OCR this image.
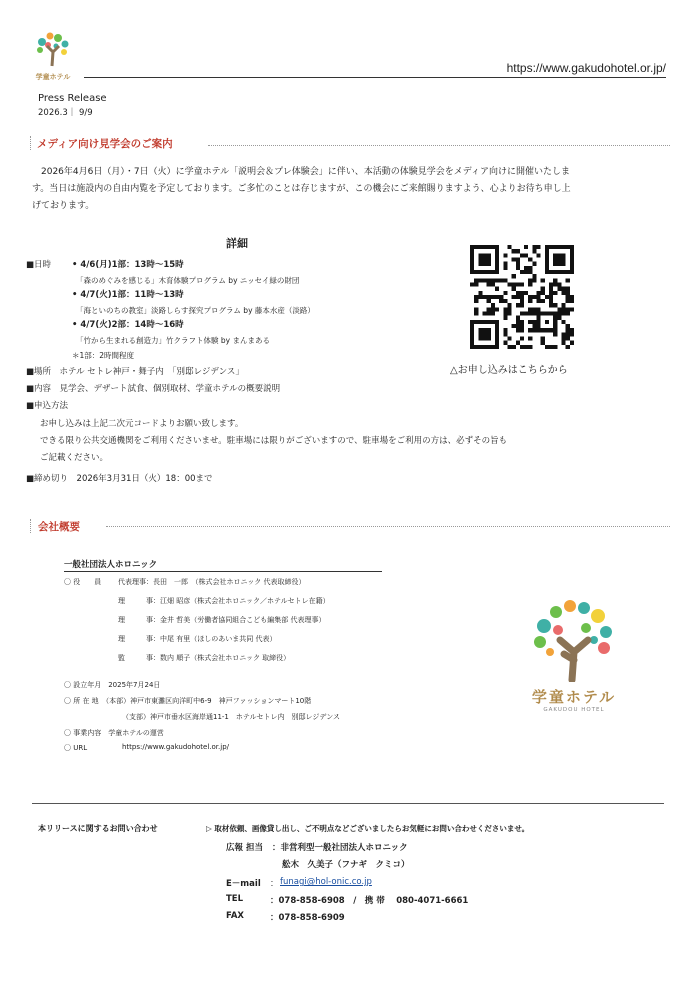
学童ホテル
https://www.gakudohotel.or.jp/
Press Release
2026.3｜ 9/9
メディア向け見学会のご案内
2026年4月6日（月）・7日（火）に学童ホテル「説明会＆プレ体験会」に伴い、本活動の体験見学会をメディア向けに開催いたしま
す。当日は施設内の自由内覧を予定しております。ご多忙のことは存じますが、この機会にご来館賜りますよう、心よりお待ち申し上
げております。
詳細
■日時 • 4/6(月)1部：13時～15時
「森のめぐみを感じる」木育体験プログラム by ニッセイ緑の財団
• 4/7(火)1部：11時～13時
「海といのちの教室」淡路しらす探究プログラム by 藤本水産（淡路）
• 4/7(火)2部：14時～16時
「竹から生まれる創造力」竹クラフト体験 by まんまある
＊1部：2時間程度
■場所　ホテル セトレ神戸・舞子内　「別邸レジデンス」
■内容　見学会、デザート試食、個別取材、学童ホテルの概要説明
■申込方法
お申し込みは上記二次元コードよりお願い致します。
できる限り公共交通機関をご利用くださいませ。駐車場には限りがございますので、駐車場をご利用の方は、必ずその旨も
ご記載ください。
■締め切り　2026年3月31日（火）18：00まで
△お申し込みはこちらから
会社概要
一般社団法人ホロニック
〇 役　　員 代表理事：長田　一郎　（株式会社ホロニック 代表取締役）
理　　　事：江畑 昭彦（株式会社ホロニック／ホテルセトレ在籍）
理　　　事：金井 哲美（労働者協同組合こども編集部 代表理事）
理　　　事：中尾 有里（ほしのあいま共同 代表）
監　　　事：数内 順子（株式会社ホロニック 取締役）
〇 設立年月　2025年7月24日
〇 所 在 地　（本部）神戸市東灘区向洋町中6-9　神戸ファッションマート10階
（支部）神戸市垂水区海岸通11-1　ホテルセトレ内　別邸レジデンス
〇 事業内容　学童ホテルの運営
〇 URL	https://www.gakudohotel.or.jp/
学童ホテル
GAKUDOU HOTEL
本リリースに関するお問い合わせ	▷ 取材依頼、画像貸し出し、ご不明点などございましたらお気軽にお問い合わせくださいませ。
広報 担当 ：非営利型一般社団法人ホロニック
舩木　久美子（フナギ　クミコ）
E－mail ： funagi@hol-onic.co.jp
TEL	：078-858-6908　/　携 帯　 080-4071-6661
FAX	：078-858-6909
